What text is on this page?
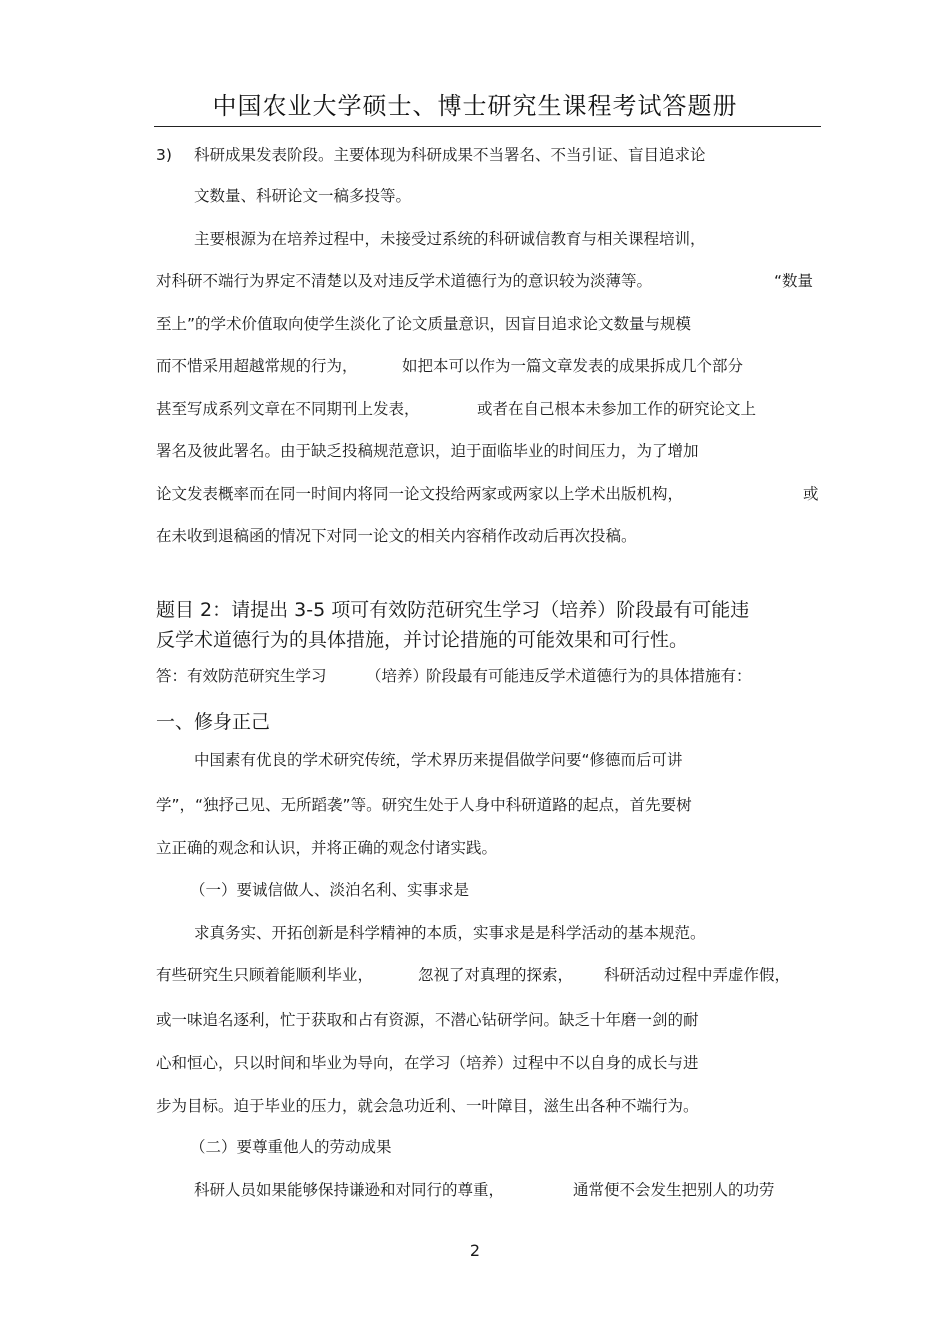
中国农业大学硕士、博士研究生课程考试答题册
3) 科研成果发表阶段。主要体现为科研成果不当署名、不当引证、盲目追求论
文数量、科研论文一稿多投等。
主要根源为在培养过程中，未接受过系统的科研诚信教育与相关课程培训，
对科研不端行为界定不清楚以及对违反学术道德行为的意识较为淡薄等。	“数量
至上”的学术价值取向使学生淡化了论文质量意识，因盲目追求论文数量与规模
而不惜采用超越常规的行为，	如把本可以作为一篇文章发表的成果拆成几个部分
甚至写成系列文章在不同期刊上发表，	或者在自己根本未参加工作的研究论文上
署名及彼此署名。由于缺乏投稿规范意识，迫于面临毕业的时间压力，为了增加
论文发表概率而在同一时间内将同一论文投给两家或两家以上学术出版机构，	或
在未收到退稿函的情况下对同一论文的相关内容稍作改动后再次投稿。
题目 2：请提出 3-5 项可有效防范研究生学习（培养）阶段最有可能违
反学术道德行为的具体措施，并讨论措施的可能效果和可行性。
答：有效防范研究生学习	（培养）
阶段最有可能违反学术道德行为的具体措施有：
一、修身正己
中国素有优良的学术研究传统，学术界历来提倡做学问要“修德而后可讲
学”，“独抒己见、无所蹈袭”等。研究生处于人身中科研道路的起点，首先要树
立正确的观念和认识，并将正确的观念付诸实践。
（一）要诚信做人、淡泊名利、实事求是
求真务实、开拓创新是科学精神的本质，实事求是是科学活动的基本规范。
有些研究生只顾着能顺利毕业，	忽视了对真理的探索， 科研活动过程中弄虚作假，
或一味追名逐利，忙于获取和占有资源，不潜心钻研学问。缺乏十年磨一剑的耐
心和恒心，只以时间和毕业为导向，在学习（培养）过程中不以自身的成长与进
步为目标。迫于毕业的压力，就会急功近利、一叶障目，滋生出各种不端行为。
（二）要尊重他人的劳动成果
科研人员如果能够保持谦逊和对同行的尊重，	通常便不会发生把别人的功劳
2
